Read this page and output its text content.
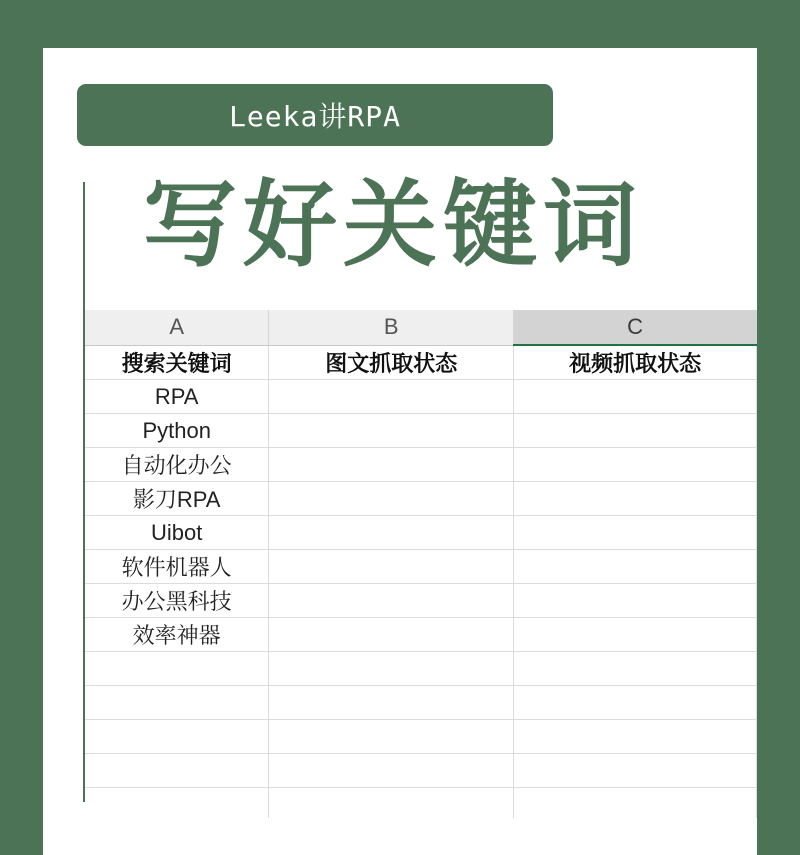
Leeka讲RPA
写好关键词
A	B	C
搜索关键词	图文抓取状态	视频抓取状态
RPA		
Python		
自动化办公		
影刀RPA		
Uibot		
软件机器人		
办公黑科技		
效率神器		
